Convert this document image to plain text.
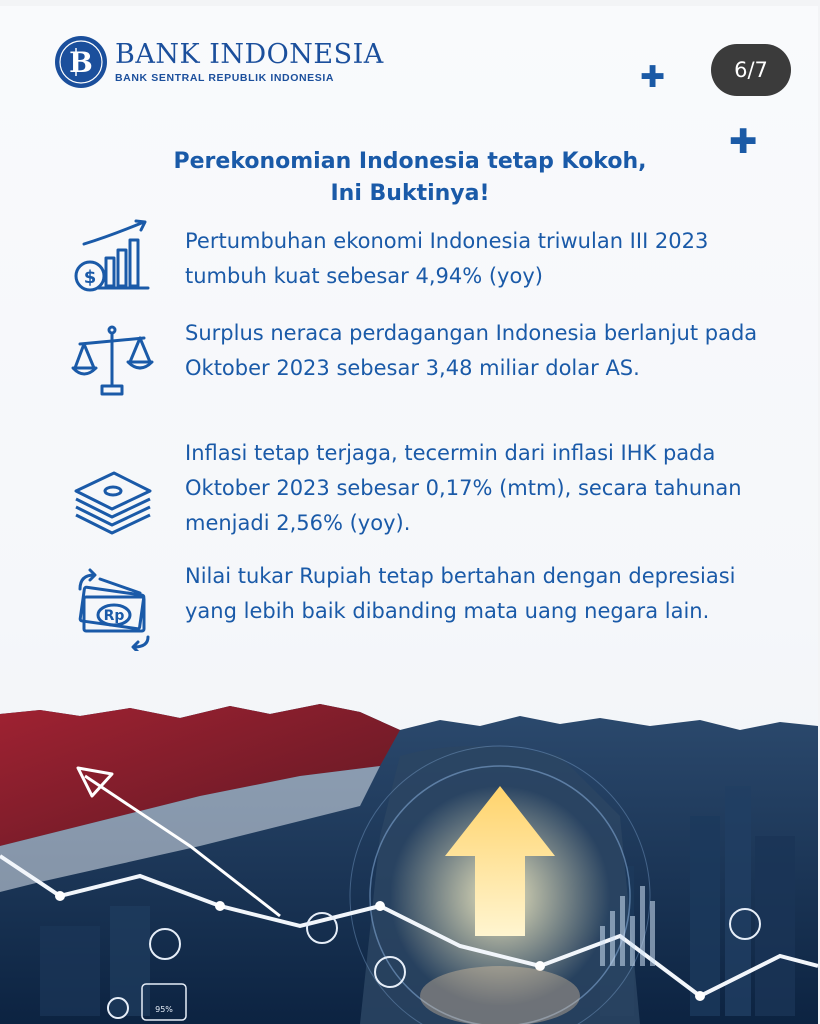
B BANK INDONESIA
BANK SENTRAL REPUBLIK INDONESIA	6/7
✚
✚
Perekonomian Indonesia tetap Kokoh,
Ini Buktinya!
$
Pertumbuhan ekonomi Indonesia triwulan III 2023 tumbuh kuat sebesar 4,94% (yoy)
Surplus neraca perdagangan Indonesia berlanjut pada Oktober 2023 sebesar 3,48 miliar dolar AS.
Inflasi tetap terjaga, tecermin dari inflasi IHK pada Oktober 2023 sebesar 0,17% (mtm), secara tahunan menjadi 2,56% (yoy).
Rp
Nilai tukar Rupiah tetap bertahan dengan depresiasi yang lebih baik dibanding mata uang negara lain.
95%
